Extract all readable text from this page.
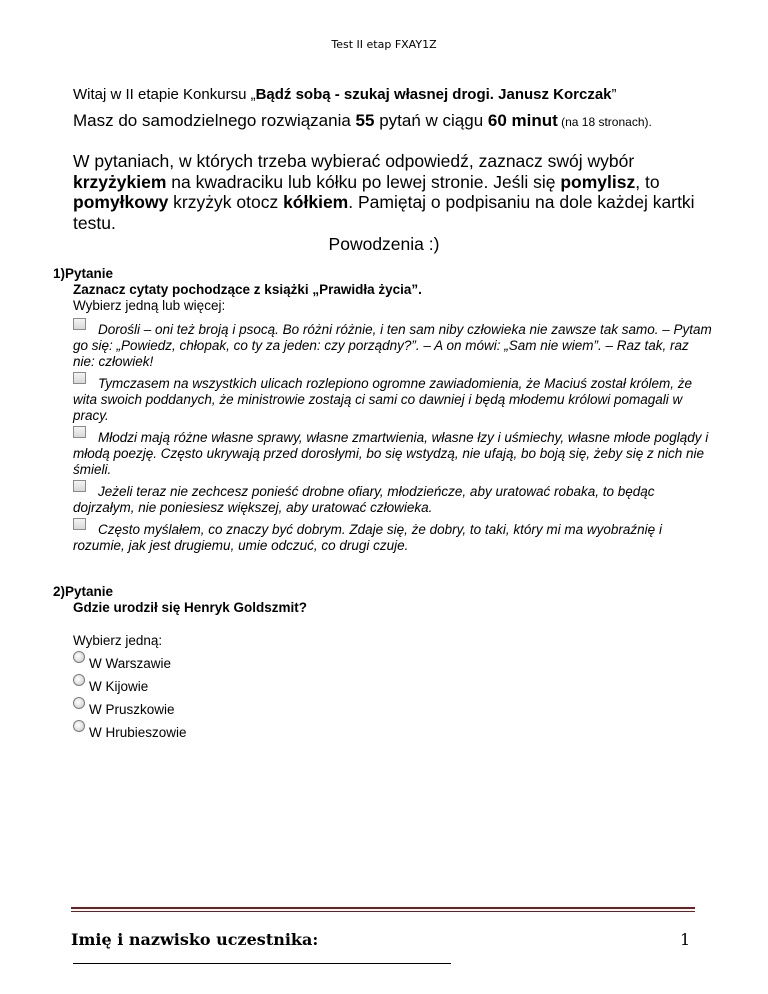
Test II etap FXAY1Z
Witaj w II etapie Konkursu „Bądź sobą - szukaj własnej drogi. Janusz Korczak”
Masz do samodzielnego rozwiązania 55 pytań w ciągu 60 minut (na 18 stronach).
W pytaniach, w których trzeba wybierać odpowiedź, zaznacz swój wybór krzyżykiem na kwadraciku lub kółku po lewej stronie. Jeśli się pomylisz, to pomyłkowy krzyżyk otocz kółkiem. Pamiętaj o podpisaniu na dole każdej kartki testu.
Powodzenia :)
1)Pytanie
Zaznacz cytaty pochodzące z książki „Prawidła życia”.
Wybierz jedną lub więcej:
Dorośli – oni też broją i psocą. Bo różni różnie, i ten sam niby człowieka nie zawsze tak samo. – Pytam go się: „Powiedz, chłopak, co ty za jeden: czy porządny?”. – A on mówi: „Sam nie wiem”. – Raz tak, raz nie: człowiek!
Tymczasem na wszystkich ulicach rozlepiono ogromne zawiadomienia, że Maciuś został królem, że wita swoich poddanych, że ministrowie zostają ci sami co dawniej i będą młodemu królowi pomagali w pracy.
Młodzi mają różne własne sprawy, własne zmartwienia, własne łzy i uśmiechy, własne młode poglądy i młodą poezję. Często ukrywają przed dorosłymi, bo się wstydzą, nie ufają, bo boją się, żeby się z nich nie śmieli.
Jeżeli teraz nie zechcesz ponieść drobne ofiary, młodzieńcze, aby uratować robaka, to będąc dojrzałym, nie poniesiesz większej, aby uratować człowieka.
Często myślałem, co znaczy być dobrym. Zdaje się, że dobry, to taki, który mi ma wyobraźnię i rozumie, jak jest drugiemu, umie odczuć, co drugi czuje.
2)Pytanie
Gdzie urodził się Henryk Goldszmit?
Wybierz jedną:
W Warszawie
W Kijowie
W Pruszkowie
W Hrubieszowie
Imię i nazwisko uczestnika:	1
